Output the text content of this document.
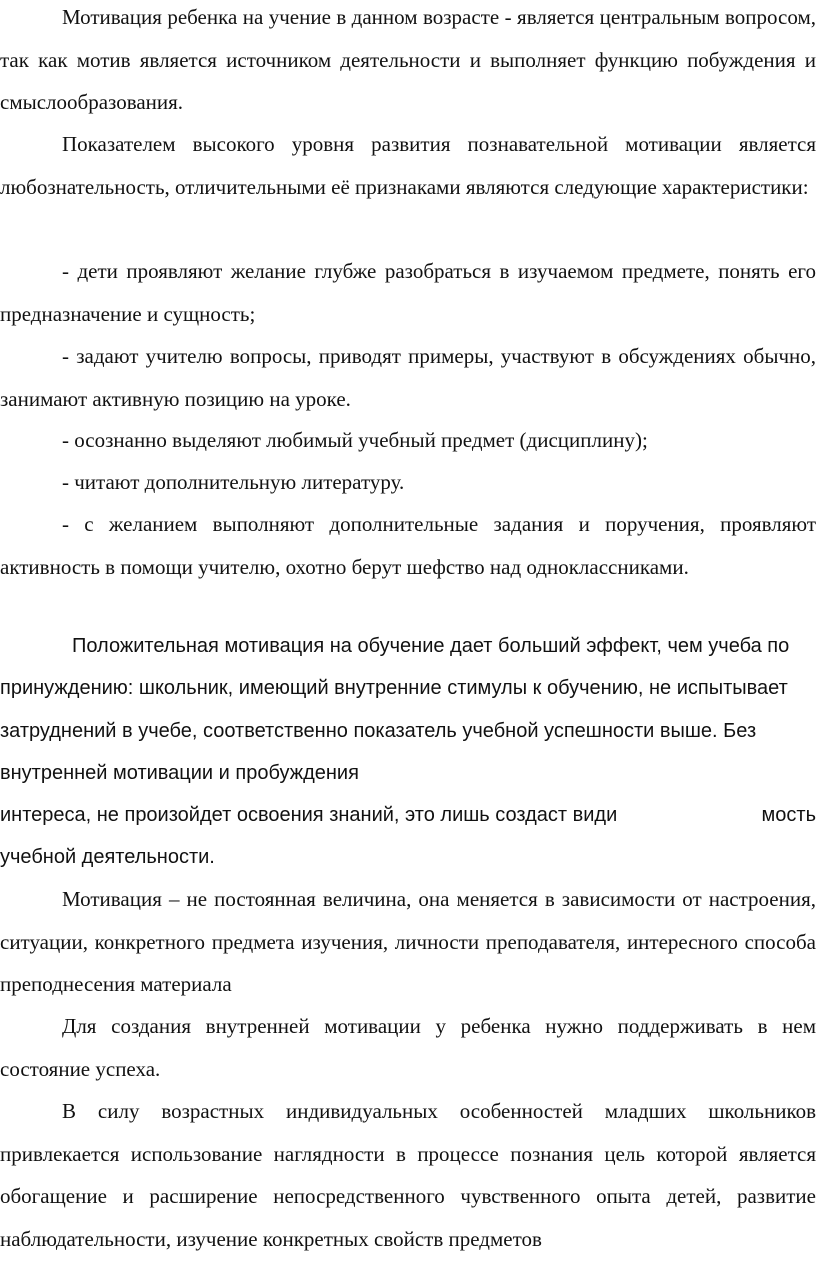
Мотивация ребенка на учение в данном возрасте - является центральным вопросом, так как мотив является источником деятельности и выполняет функцию побуждения и смыслообразования.

Показателем высокого уровня развития познавательной мотивации является любознательность, отличительными её признаками являются следующие характеристики:

- дети проявляют желание глубже разобраться в изучаемом предмете, понять его предназначение и сущность;

- задают учителю вопросы, приводят примеры, участвуют в обсуждениях обычно, занимают активную позицию на уроке.

- осознанно выделяют любимый учебный предмет (дисциплину);

- читают дополнительную литературу.

- с желанием выполняют дополнительные задания и поручения, проявляют активность в помощи учителю, охотно берут шефство над одноклассниками.

Положительная мотивация на обучение дает больший эффект, чем учеба по принуждению: школьник, имеющий внутренние стимулы к обучению, не испытывает затруднений в учебе, соответственно показатель учебной успешности выше. Без внутренней мотивации и пробуждения
интереса, не произойдет освоения знаний, это лишь создаст види	мость
учебной деятельности.

Мотивация – не постоянная величина, она меняется в зависимости от настроения, ситуации, конкретного предмета изучения, личности преподавателя, интересного способа преподнесения материала

Для создания внутренней мотивации у ребенка нужно поддерживать в нем состояние успеха.

В силу возрастных индивидуальных особенностей младших школьников привлекается использование наглядности в процессе познания цель которой является обогащение и расширение непосредственного чувственного опыта детей, развитие наблюдательности, изучение конкретных свойств предметов
